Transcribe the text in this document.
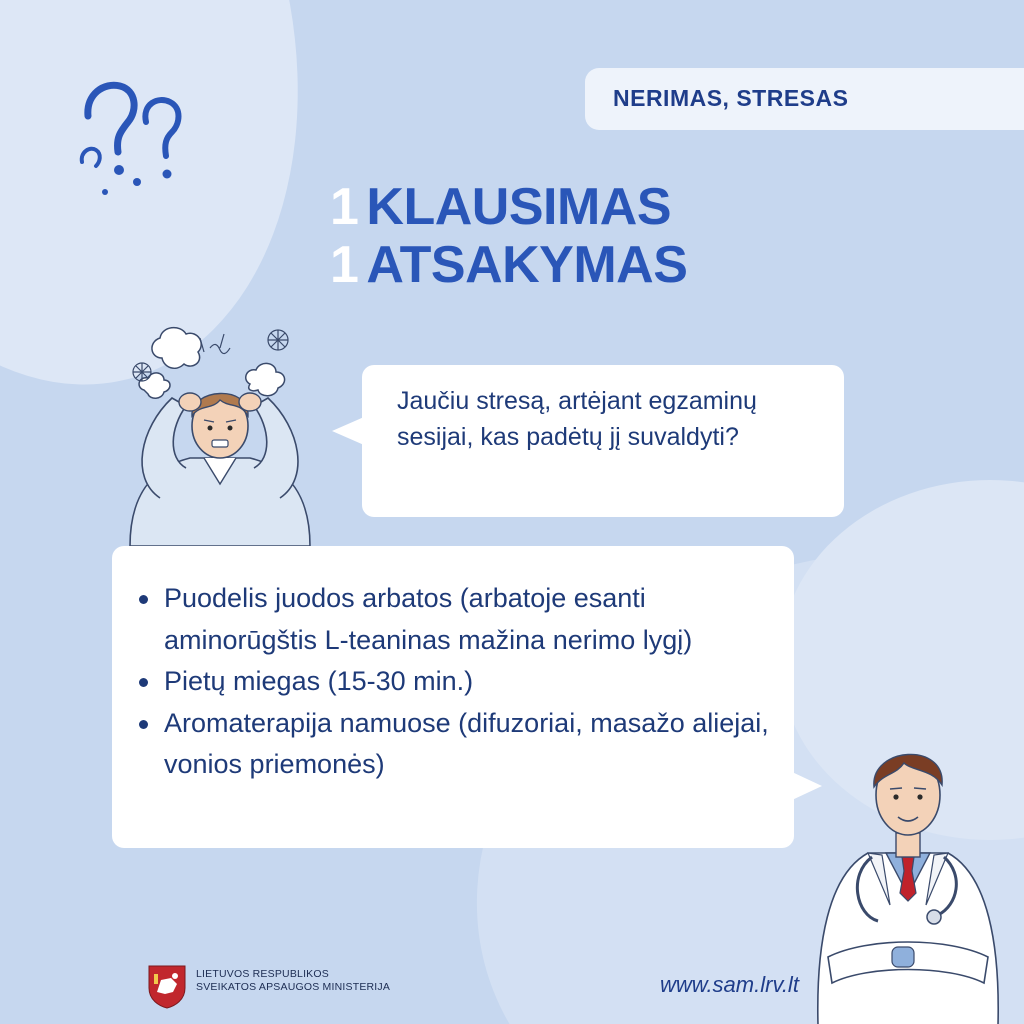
NERIMAS, STRESAS
1 KLAUSIMAS
1 ATSAKYMAS
Jaučiu stresą, artėjant egzaminų sesijai, kas padėtų jį suvaldyti?
Puodelis juodos arbatos (arbatoje esanti aminorūgštis L-teaninas mažina nerimo lygį)
Pietų miegas (15-30 min.)
Aromaterapija namuose (difuzoriai, masažo aliejai, vonios priemonės)
LIETUVOS RESPUBLIKOS
SVEIKATOS APSAUGOS MINISTERIJA	www.sam.lrv.lt
